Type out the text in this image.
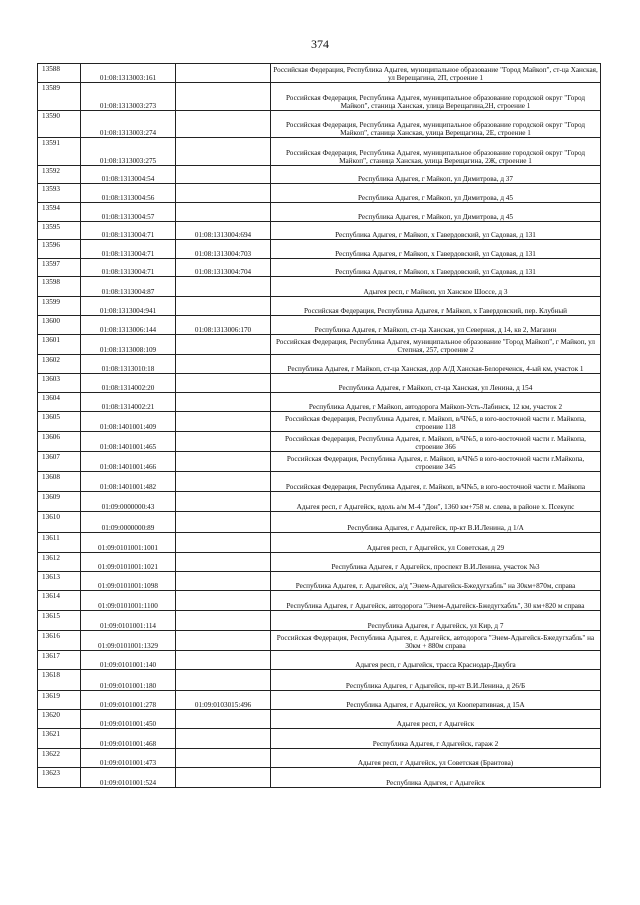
374
13588	01:08:1313003:161		Российская Федерация, Республика Адыгея, муниципальное образование "Город Майкоп", ст-ца Ханская, ул Верещагина, 2П, строение 1
13589	01:08:1313003:273		Российская Федерация, Республика Адыгея, муниципальное образование городской округ "Город Майкоп", станица Ханская, улица Верещагина,2Н, строение 1
13590	01:08:1313003:274		Российская Федерация, Республика Адыгея, муниципальное образование городской округ "Город Майкоп", станица Ханская, улица Верещагина, 2Е, строение 1
13591	01:08:1313003:275		Российская Федерация, Республика Адыгея, муниципальное образование городской округ "Город Майкоп", станица Ханская, улица Верещагина, 2Ж, строение 1
13592	01:08:1313004:54		Республика Адыгея, г Майкоп, ул Димитрова, д 37
13593	01:08:1313004:56		Республика Адыгея, г Майкоп, ул Димитрова, д 45
13594	01:08:1313004:57		Республика Адыгея, г Майкоп, ул Димитрова, д 45
13595	01:08:1313004:71	01:08:1313004:694	Республика Адыгея, г Майкоп, х Гавердовский, ул Садовая, д 131
13596	01:08:1313004:71	01:08:1313004:703	Республика Адыгея, г Майкоп, х Гавердовский, ул Садовая, д 131
13597	01:08:1313004:71	01:08:1313004:704	Республика Адыгея, г Майкоп, х Гавердовский, ул Садовая, д 131
13598	01:08:1313004:87		Адыгея респ, г Майкоп, ул Ханское Шоссе, д 3
13599	01:08:1313004:941		Российская Федерация, Республика Адыгея, г Майкоп, х Гавердовский, пер. Клубный
13600	01:08:1313006:144	01:08:1313006:170	Республика Адыгея, г Майкоп, ст-ца Ханская, ул Северная, д 14, кв 2, Магазин
13601	01:08:1313008:109		Российская Федерация, Республика Адыгея, муниципальное образование "Город Майкоп", г Майкоп, ул Степная, 257, строение 2
13602	01:08:1313010:18		Республика Адыгея, г Майкоп, ст-ца Ханская, дор А/Д Ханская-Белореченск, 4-ый км, участок 1
13603	01:08:1314002:20		Республика Адыгея, г Майкоп, ст-ца Ханская, ул Ленина, д 154
13604	01:08:1314002:21		Республика Адыгея, г Майкоп, автодорога Майкоп-Усть-Лабинск, 12 км, участок 2
13605	01:08:1401001:409		Российская Федерация, Республика Адыгея, г. Майкоп, в/Ч№5, в юго-восточной части г. Майкопа, строение 118
13606	01:08:1401001:465		Российская Федерация, Республика Адыгея, г. Майкоп, в/Ч№5, в юго-восточной части г. Майкопа, строение 366
13607	01:08:1401001:466		Российская Федерация, Республика Адыгея, г. Майкоп, в/Ч№5 в юго-восточной части г.Майкопа, строение 345
13608	01:08:1401001:482		Российская Федерация, Республика Адыгея, г. Майкоп, в/Ч№5, в юго-восточной части г. Майкопа
13609	01:09:0000000:43		Адыгея респ, г Адыгейск, вдоль а/м М-4 "Дон", 1360 км+758 м. слева, в районе х. Псекупс
13610	01:09:0000000:89		Республика Адыгея, г Адыгейск, пр-кт В.И.Ленина, д 1/А
13611	01:09:0101001:1001		Адыгея респ, г Адыгейск, ул Советская, д 29
13612	01:09:0101001:1021		Республика Адыгея, г Адыгейск, проспект В.И.Ленина, участок №3
13613	01:09:0101001:1098		Республика Адыгея, г. Адыгейск, а/д "Энем-Адыгейск-Бжедугхабль" на 30км+870м, справа
13614	01:09:0101001:1100		Республика Адыгея, г Адыгейск, автодорога "Энем-Адыгейск-Бжедугхабль", 30 км+820 м справа
13615	01:09:0101001:114		Республика Адыгея, г Адыгейск, ул Кир, д 7
13616	01:09:0101001:1329		Российская Федерация, Республика Адыгея, г. Адыгейск, автодорога "Энем-Адыгейск-Бжедугхабль" на 30км + 880м справа
13617	01:09:0101001:140		Адыгея респ, г Адыгейск, трасса Краснодар-Джубга
13618	01:09:0101001:180		Республика Адыгея, г Адыгейск, пр-кт В.И.Ленина, д 26/Б
13619	01:09:0101001:278	01:09:0103015:496	Республика Адыгея, г Адыгейск, ул Кооперативная, д 15А
13620	01:09:0101001:450		Адыгея респ, г Адыгейск
13621	01:09:0101001:468		Республика Адыгея, г Адыгейск, гараж 2
13622	01:09:0101001:473		Адыгея респ, г Адыгейск, ул Советская (Брантова)
13623	01:09:0101001:524		Республика Адыгея, г Адыгейск
